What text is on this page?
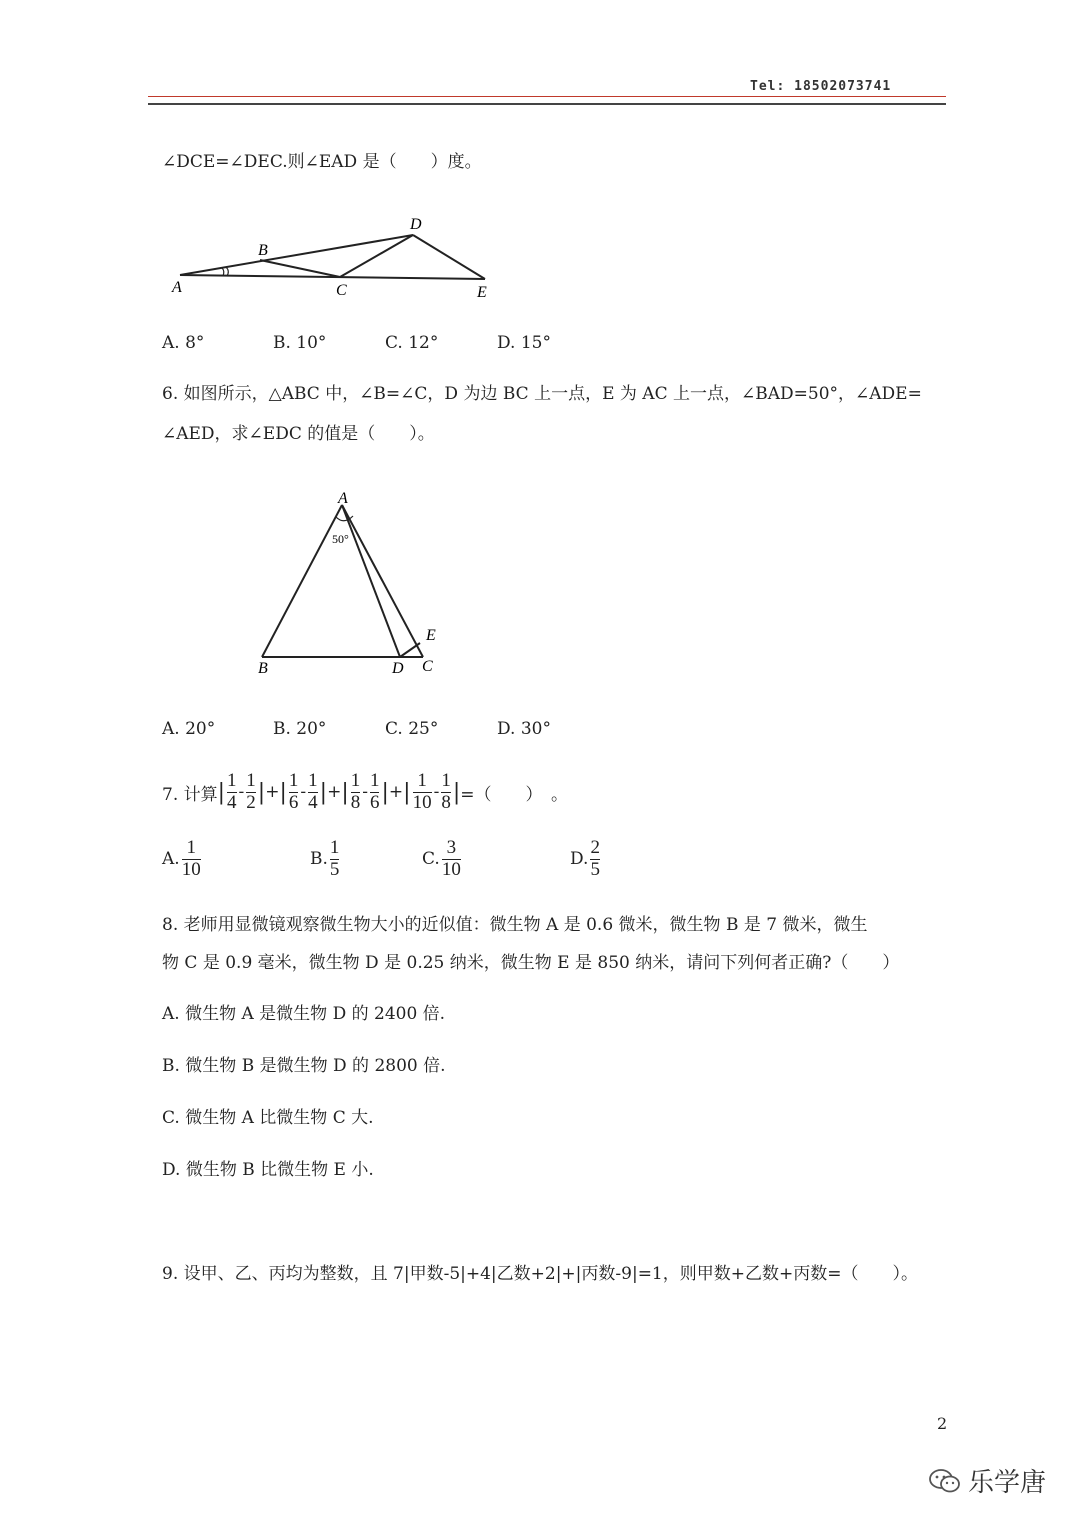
Tel: 18502073741
∠DCE=∠DEC.则∠EAD 是（　　）度。
A
B
C
D
E
A. 8°	B. 10°	C. 12°	D. 15°
6. 如图所示，△ABC 中，∠B=∠C，D 为边 BC 上一点，E 为 AC 上一点，∠BAD=50°，∠ADE=
∠AED，求∠EDC 的值是（　　）。
A
B	D C
E
50°
A. 20°	B. 20°	C. 25°	D. 30°
7. 计算 | $\frac{1}{4} - \frac{1}{2}$ | + | $\frac{1}{6} - \frac{1}{4}$ | + | $\frac{1}{8} - \frac{1}{6}$ | + | $\frac{1}{10} - \frac{1}{8}$ | =（　　）　。
A. $\frac{1}{10}$	B. $\frac{1}{5}$	C. $\frac{3}{10}$	D. $\frac{2}{5}$
8. 老师用显微镜观察微生物大小的近似值：微生物 A 是 0.6 微米，微生物 B 是 7 微米，微生
物 C 是 0.9 毫米，微生物 D 是 0.25 纳米，微生物 E 是 850 纳米，请问下列何者正确?（　　）
A. 微生物 A 是微生物 D 的 2400 倍.
B. 微生物 B 是微生物 D 的 2800 倍.
C. 微生物 A 比微生物 C 大.
D. 微生物 B 比微生物 E 小.
9. 设甲、乙、丙均为整数，且 7|甲数-5|+4|乙数+2|+|丙数-9|=1，则甲数+乙数+丙数=（　　）。
2
乐学唐
